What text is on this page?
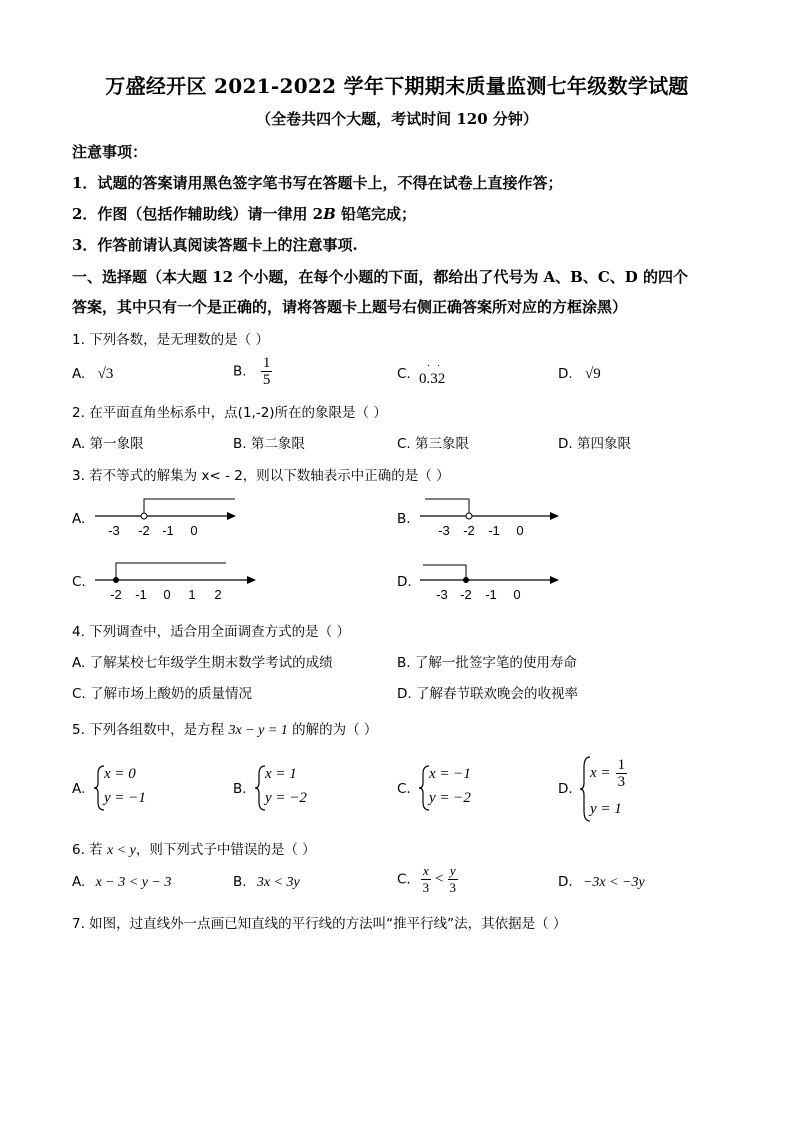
万盛经开区 2021-2022 学年下期期末质量监测七年级数学试题
（全卷共四个大题，考试时间 120 分钟）
注意事项：
1．试题的答案请用黑色签字笔书写在答题卡上，不得在试卷上直接作答；
2．作图（包括作辅助线）请一律用 2B 铅笔完成；
3．作答前请认真阅读答题卡上的注意事项.
一、选择题（本大题 12 个小题，在每个小题的下面，都给出了代号为 A、B、C、D 的四个
答案，其中只有一个是正确的，请将答题卡上题号右侧正确答案所对应的方框涂黑）
1. 下列各数，是无理数的是（ ）
A. √3	B. $\frac{1}{5}$	C. 0.32
· ·	D. √9
2. 在平面直角坐标系中，点(1,-2)所在的象限是（ ）
A. 第一象限	B. 第二象限	C. 第三象限	D. 第四象限
3. 若不等式的解集为 x< - 2，则以下数轴表示中正确的是（ ）
A.
-3 -2 -1 0
B.
-3 -2 -1 0
C.
-2 -1 0 1 2
D.
-3 -2 -1 0
4. 下列调查中，适合用全面调查方式的是（ ）
A. 了解某校七年级学生期末数学考试的成绩	B. 了解一批签字笔的使用寿命
C. 了解市场上酸奶的质量情况	D. 了解春节联欢晚会的收视率
5. 下列各组数中，是方程 3x − y = 1 的解的为（ ）
A.
x = 0
y = −1
B.
x = 1
y = −2
C.
x = −1
y = −2
D.
$x = \frac{1}{3}$
y = 1
6. 若 x < y，则下列式子中错误的是（ ）
A. x − 3 < y − 3	B. 3x < 3y	C. $\frac{x}{3} < \frac{y}{3}$	D. −3x < −3y
7. 如图，过直线外一点画已知直线的平行线的方法叫“推平行线”法，其依据是（ ）
